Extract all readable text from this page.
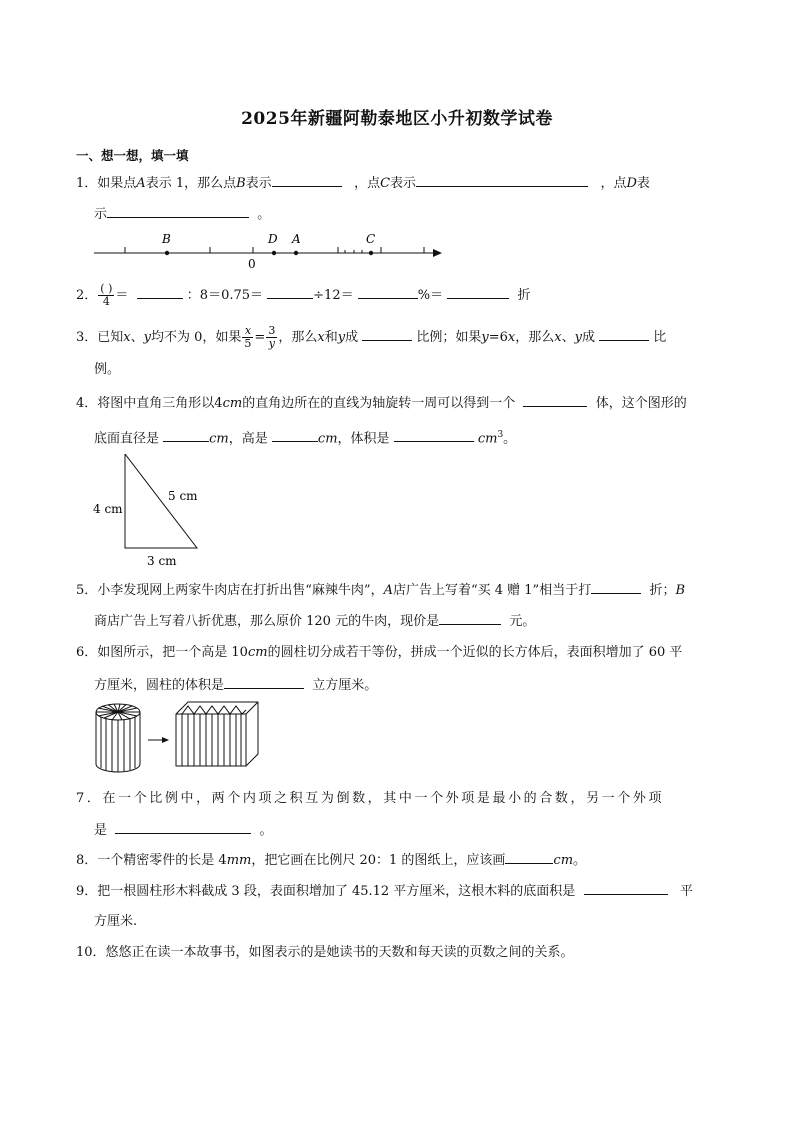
2025年新疆阿勒泰地区小升初数学试卷
一、想一想，填一填
1．如果点A表示 1，那么点B表示	，点C表示	，点D表
示	。
B	D A	C
0
2． $\frac{( )}{4}$ ＝	：8＝0.75＝	÷12＝	%＝	折
3．已知x、y均不为 0，如果 $\frac{x}{5} = \frac{3}{y}$ ，那么x和y成	比例；如果y=6x，那么x、y成	比
例。
4．将图中直角三角形以4cm的直角边所在的直线为轴旋转一周可以得到一个	体，这个图形的
底面直径是	cm，高是	cm，体积是	$cm^3$。
4 cm
5 cm
3 cm
5．小李发现网上两家牛肉店在打折出售“麻辣牛肉”，A店广告上写着“买 4 赠 1”相当于打	折；B
商店广告上写着八折优惠，那么原价 120 元的牛肉，现价是	元。
6．如图所示，把一个高是 10cm的圆柱切分成若干等份，拼成一个近似的长方体后，表面积增加了 60 平
方厘米，圆柱的体积是	立方厘米。
7．在一个比例中，两个内项之积互为倒数，其中一个外项是最小的合数，另一个外项
是	。
8．一个精密零件的长是 4mm，把它画在比例尺 20：1 的图纸上，应该画	cm。
9．把一根圆柱形木料截成 3 段，表面积增加了 45.12 平方厘米，这根木料的底面积是	平
方厘米.
10．悠悠正在读一本故事书，如图表示的是她读书的天数和每天读的页数之间的关系。
